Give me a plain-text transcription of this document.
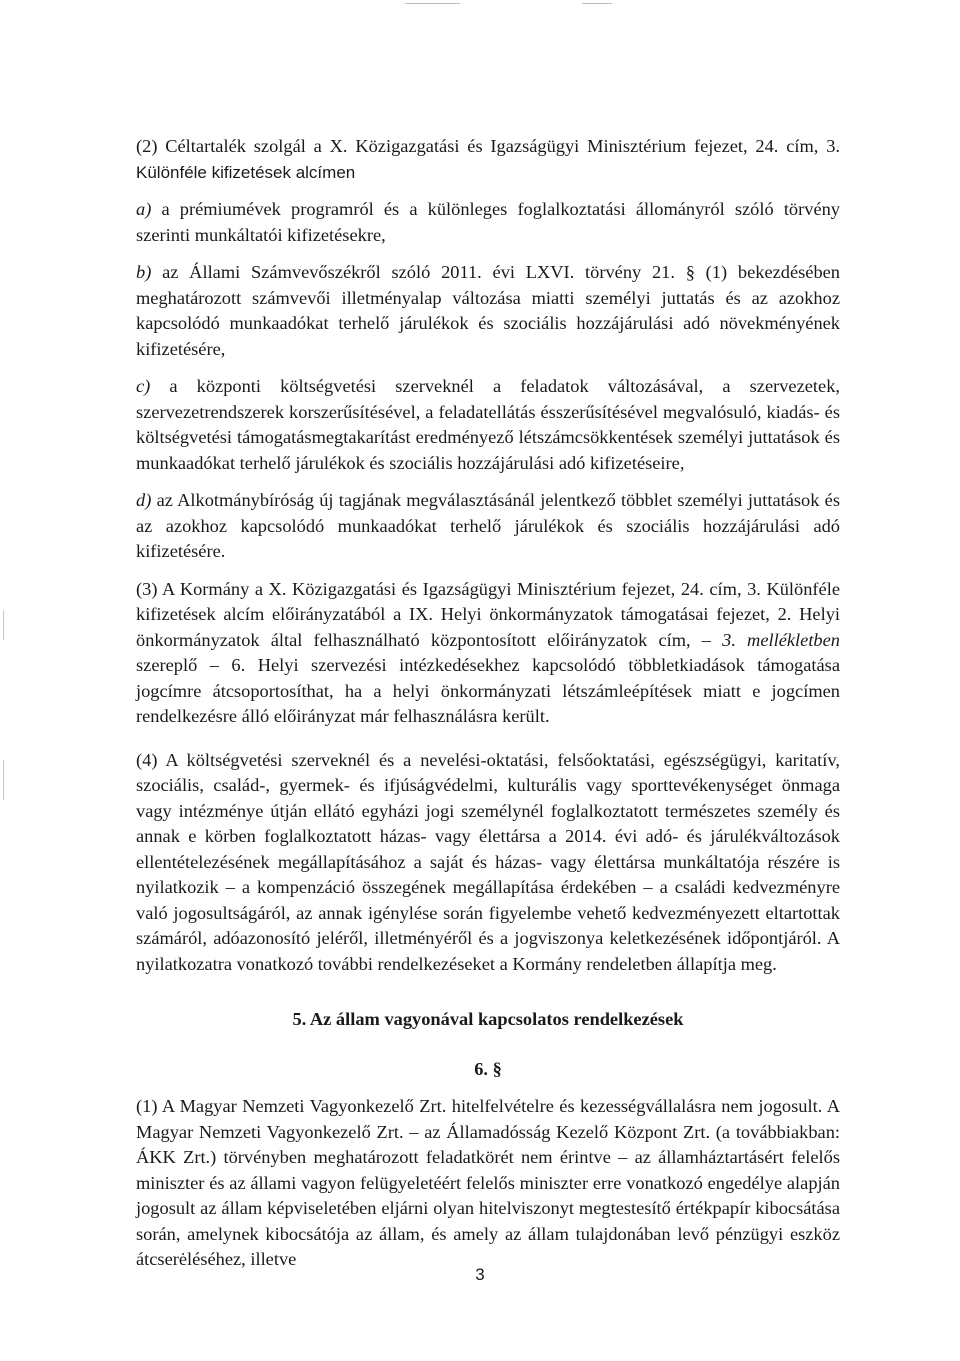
(2) Céltartalék szolgál a X. Közigazgatási és Igazságügyi Minisztérium fejezet, 24. cím, 3. Különféle kifizetések alcímen

a) a prémiumévek programról és a különleges foglalkoztatási állományról szóló törvény szerinti munkáltatói kifizetésekre,

b) az Állami Számvevőszékről szóló 2011. évi LXVI. törvény 21. § (1) bekezdésében meghatározott számvevői illetményalap változása miatti személyi juttatás és az azokhoz kapcsolódó munkaadókat terhelő járulékok és szociális hozzájárulási adó növekményének kifizetésére,

c) a központi költségvetési szerveknél a feladatok változásával, a szervezetek, szervezetrendszerek korszerűsítésével, a feladatellátás ésszerűsítésével megvalósuló, kiadás- és költségvetési támogatásmegtakarítást eredményező létszámcsökkentések személyi juttatások és munkaadókat terhelő járulékok és szociális hozzájárulási adó kifizetéseire,

d) az Alkotmánybíróság új tagjának megválasztásánál jelentkező többlet személyi juttatások és az azokhoz kapcsolódó munkaadókat terhelő járulékok és szociális hozzájárulási adó kifizetésére.

(3) A Kormány a X. Közigazgatási és Igazságügyi Minisztérium fejezet, 24. cím, 3. Különféle kifizetések alcím előirányzatából a IX. Helyi önkormányzatok támogatásai fejezet, 2. Helyi önkormányzatok által felhasználható központosított előirányzatok cím, – 3. mellékletben szereplő – 6. Helyi szervezési intézkedésekhez kapcsolódó többletkiadások támogatása jogcímre átcsoportosíthat, ha a helyi önkormányzati létszámleépítések miatt e jogcímen rendelkezésre álló előirányzat már felhasználásra került.

(4) A költségvetési szerveknél és a nevelési-oktatási, felsőoktatási, egészségügyi, karitatív, szociális, család-, gyermek- és ifjúságvédelmi, kulturális vagy sporttevékenységet önmaga vagy intézménye útján ellátó egyházi jogi személynél foglalkoztatott természetes személy és annak e körben foglalkoztatott házas- vagy élettársa a 2014. évi adó- és járulékváltozások ellentételezésének megállapításához a saját és házas- vagy élettársa munkáltatója részére is nyilatkozik – a kompenzáció összegének megállapítása érdekében – a családi kedvezményre való jogosultságáról, az annak igénylése során figyelembe vehető kedvezményezett eltartottak számáról, adóazonosító jeléről, illetményéről és a jogviszonya keletkezésének időpontjáról. A nyilatkozatra vonatkozó további rendelkezéseket a Kormány rendeletben állapítja meg.

5. Az állam vagyonával kapcsolatos rendelkezések

6. §

(1) A Magyar Nemzeti Vagyonkezelő Zrt. hitelfelvételre és kezességvállalásra nem jogosult. A Magyar Nemzeti Vagyonkezelő Zrt. – az Államadósság Kezelő Központ Zrt. (a továbbiakban: ÁKK Zrt.) törvényben meghatározott feladatkörét nem érintve – az államháztartásért felelős miniszter és az állami vagyon felügyeletéért felelős miniszter erre vonatkozó engedélye alapján jogosult az állam képviseletében eljárni olyan hitelviszonyt megtestesítő értékpapír kibocsátása során, amelynek kibocsátója az állam, és amely az állam tulajdonában levő pénzügyi eszköz átcserėléséhez, illetve

3
